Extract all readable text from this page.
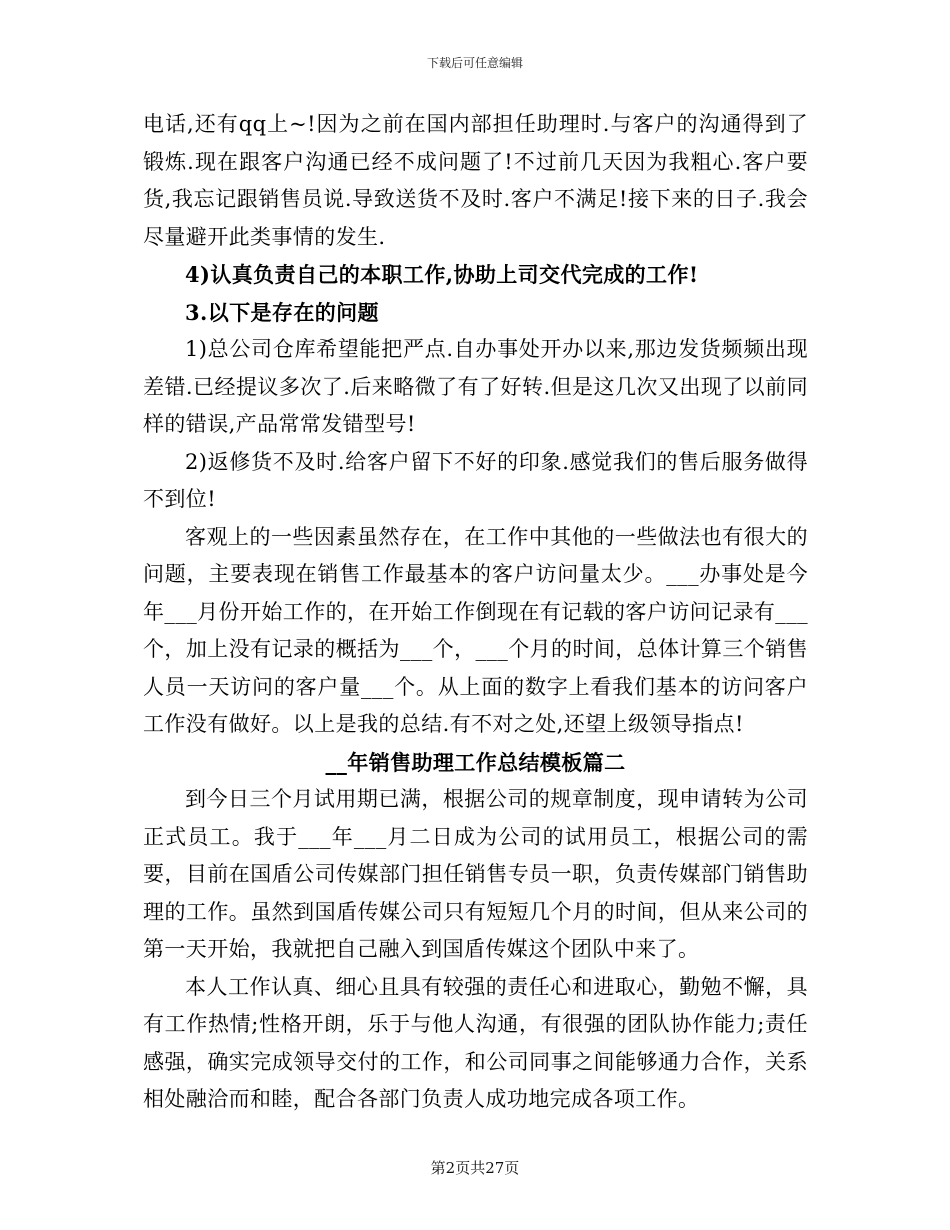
下载后可任意编辑

电话,还有qq上~!因为之前在国内部担任助理时.与客户的沟通得到了锻炼.现在跟客户沟通已经不成问题了!不过前几天因为我粗心.客户要货,我忘记跟销售员说.导致送货不及时.客户不满足!接下来的日子.我会尽量避开此类事情的发生.

4)认真负责自己的本职工作,协助上司交代完成的工作!

3.以下是存在的问题

1)总公司仓库希望能把严点.自办事处开办以来,那边发货频频出现差错.已经提议多次了.后来略微了有了好转.但是这几次又出现了以前同样的错误,产品常常发错型号!

2)返修货不及时.给客户留下不好的印象.感觉我们的售后服务做得不到位!

客观上的一些因素虽然存在，在工作中其他的一些做法也有很大的问题，主要表现在销售工作最基本的客户访问量太少。___办事处是今年___月份开始工作的，在开始工作倒现在有记载的客户访问记录有___个，加上没有记录的概括为___个，___个月的时间，总体计算三个销售人员一天访问的客户量___个。从上面的数字上看我们基本的访问客户工作没有做好。以上是我的总结.有不对之处,还望上级领导指点!

__年销售助理工作总结模板篇二

到今日三个月试用期已满，根据公司的规章制度，现申请转为公司正式员工。我于___年___月二日成为公司的试用员工，根据公司的需要，目前在国盾公司传媒部门担任销售专员一职，负责传媒部门销售助理的工作。虽然到国盾传媒公司只有短短几个月的时间，但从来公司的第一天开始，我就把自己融入到国盾传媒这个团队中来了。

本人工作认真、细心且具有较强的责任心和进取心，勤勉不懈，具有工作热情;性格开朗，乐于与他人沟通，有很强的团队协作能力;责任感强，确实完成领导交付的工作，和公司同事之间能够通力合作，关系相处融洽而和睦，配合各部门负责人成功地完成各项工作。

第2页共27页
